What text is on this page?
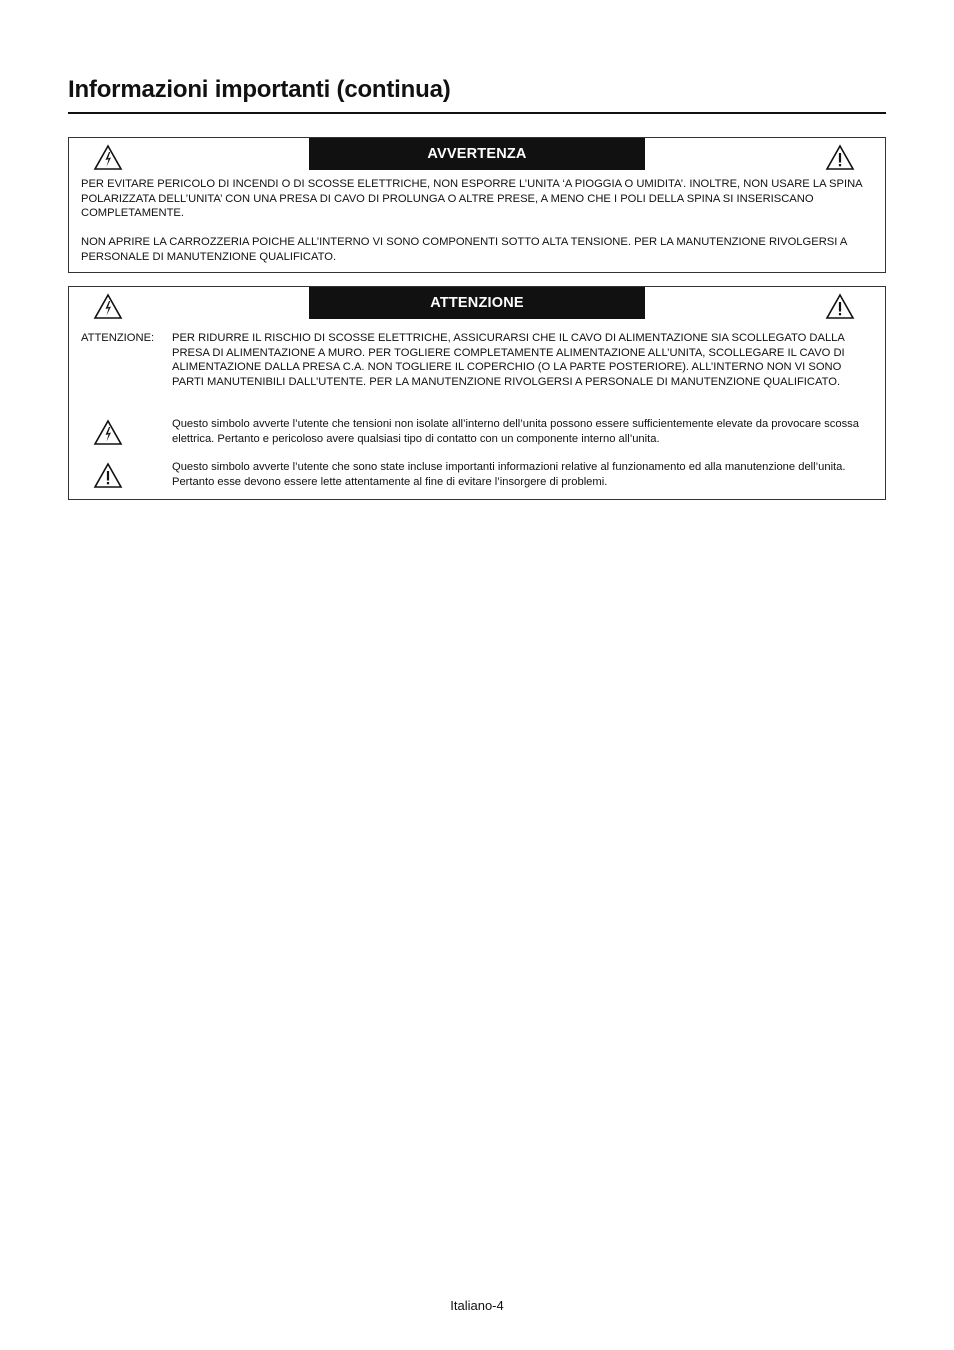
Informazioni importanti (continua)
AVVERTENZA

PER EVITARE PERICOLO DI INCENDI O DI SCOSSE ELETTRICHE, NON ESPORRE L’UNITA ‘A PIOGGIA O UMIDITA’. INOLTRE, NON USARE LA SPINA POLARIZZATA DELL’UNITA’ CON UNA PRESA DI CAVO DI PROLUNGA O ALTRE PRESE, A MENO CHE I POLI DELLA SPINA SI INSERISCANO COMPLETAMENTE.

NON APRIRE LA CARROZZERIA POICHE ALL’INTERNO VI SONO COMPONENTI SOTTO ALTA TENSIONE. PER LA MANUTENZIONE RIVOLGERSI A PERSONALE DI MANUTENZIONE QUALIFICATO.

ATTENZIONE
ATTENZIONE: PER RIDURRE IL RISCHIO DI SCOSSE ELETTRICHE, ASSICURARSI CHE IL CAVO DI ALIMENTAZIONE SIA SCOLLEGATO DALLA PRESA DI ALIMENTAZIONE A MURO. PER TOGLIERE COMPLETAMENTE ALIMENTAZIONE ALL’UNITA, SCOLLEGARE IL CAVO DI ALIMENTAZIONE DALLA PRESA C.A. NON TOGLIERE IL COPERCHIO (O LA PARTE POSTERIORE). ALL’INTERNO NON VI SONO PARTI MANUTENIBILI DALL’UTENTE. PER LA MANUTENZIONE RIVOLGERSI A PERSONALE DI MANUTENZIONE QUALIFICATO.

Questo simbolo avverte l’utente che tensioni non isolate all’interno dell’unita possono essere sufficientemente elevate da provocare scossa elettrica. Pertanto e pericoloso avere qualsiasi tipo di contatto con un componente interno all’unita.

Questo simbolo avverte l’utente che sono state incluse importanti informazioni relative al funzionamento ed alla manutenzione dell’unita. Pertanto esse devono essere lette attentamente al fine di evitare l’insorgere di problemi.

Italiano-4
